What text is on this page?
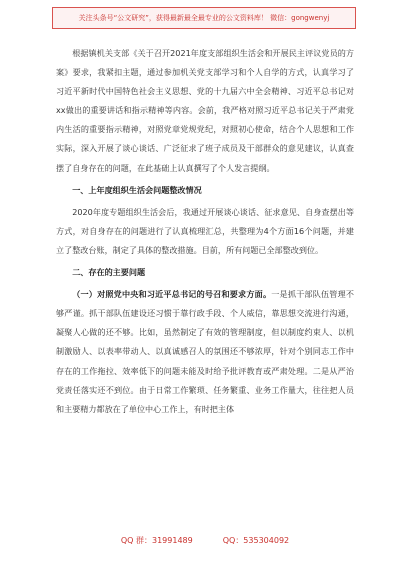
关注头条号“公文研究”，获得最新最全最专业的公文资料库！ 微信：gongwenyj

根据镇机关支部《关于召开2021年度支部组织生活会和开展民主评议党员的方案》要求，我紧扣主题，通过参加机关党支部学习和个人自学的方式，认真学习了习近平新时代中国特色社会主义思想、党的十九届六中全会精神、习近平总书记对xx做出的重要讲话和指示精神等内容。会前，我严格对照习近平总书记关于严肃党内生活的重要指示精神，对照党章党规党纪，对照初心使命，结合个人思想和工作实际，深入开展了谈心谈话、广泛征求了班子成员及干部群众的意见建议，认真查摆了自身存在的问题，在此基础上认真撰写了个人发言提纲。

一、上年度组织生活会问题整改情况

2020年度专题组织生活会后，我通过开展谈心谈话、征求意见、自身查摆出等方式，对自身存在的问题进行了认真梳理汇总，共整理为4个方面16个问题，并建立了整改台账，制定了具体的整改措施。目前，所有问题已全部整改到位。

二、存在的主要问题

（一）对照党中央和习近平总书记的号召和要求方面。一是抓干部队伍管理不够严谨。抓干部队伍建设还习惯于靠行政手段、个人威信，靠思想交流进行沟通，凝聚人心做的还不够。比如，虽然制定了有效的管理制度，但以制度约束人、以机制激励人、以表率带动人、以真诚感召人的氛围还不够浓厚，针对个别同志工作中存在的工作拖拉、效率低下的问题未能及时给予批评教育或严肃处理。二是从严治党责任落实还不到位。由于日常工作繁琐、任务繁重、业务工作量大，往往把人员和主要精力都放在了单位中心工作上，有时把主体

QQ 群：31991489	QQ：535304092
